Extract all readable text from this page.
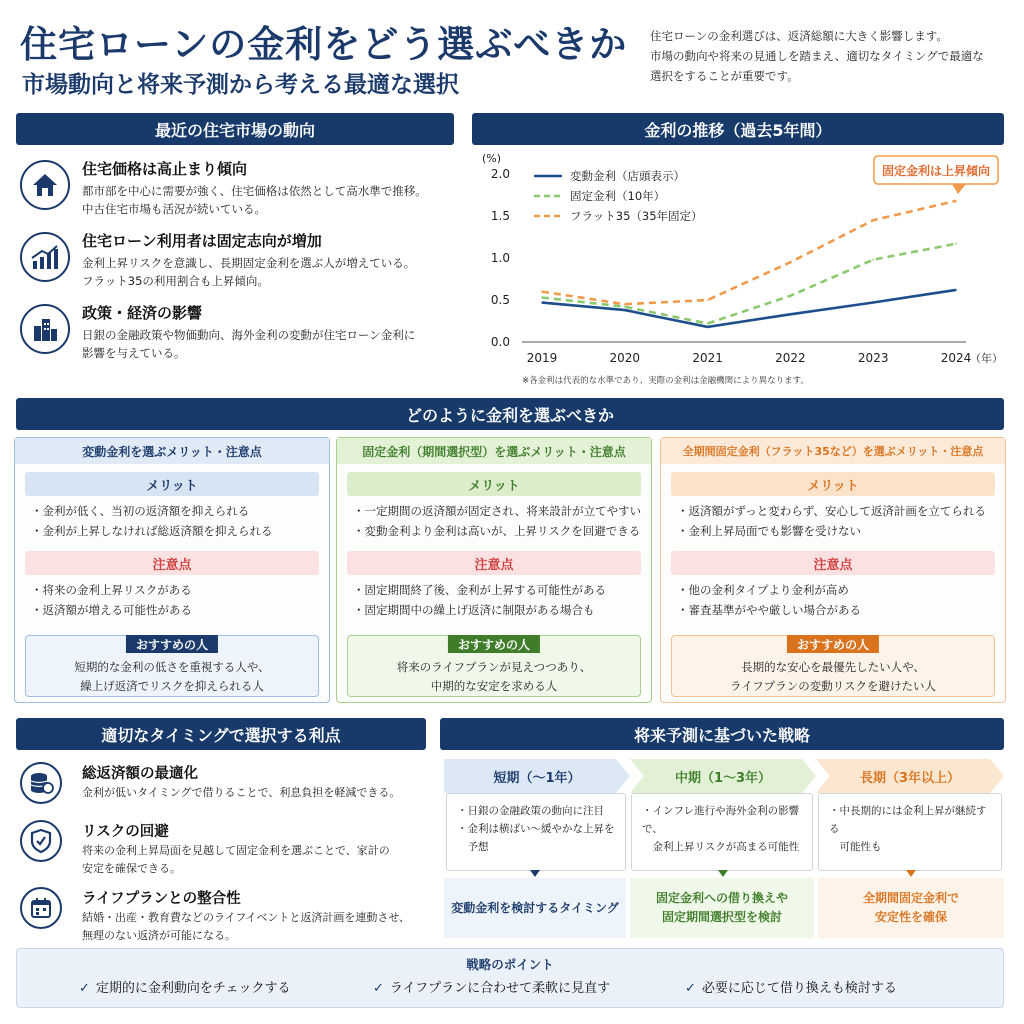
住宅ローンの金利をどう選ぶべきか
市場動向と将来予測から考える最適な選択
住宅ローンの金利選びは、返済総額に大きく影響します。
市場の動向や将来の見通しを踏まえ、適切なタイミングで最適な
選択をすることが重要です。
最近の住宅市場の動向
住宅価格は高止まり傾向
都市部を中心に需要が強く、住宅価格は依然として高水準で推移。
中古住宅市場も活況が続いている。
住宅ローン利用者は固定志向が増加
金利上昇リスクを意識し、長期固定金利を選ぶ人が増えている。
フラット35の利用割合も上昇傾向。
政策・経済の影響
日銀の金融政策や物価動向、海外金利の変動が住宅ローン金利に
影響を与えている。
金利の推移（過去5年間）
(%)
0.0
0.5
1.0
1.5
2.0
2019	2020	2021	2022	2023	2024
（年）
変動金利（店頭表示）
固定金利（10年）
フラット35（35年固定）
固定金利は上昇傾向
※各金利は代表的な水準であり、実際の金利は金融機関により異なります。
どのように金利を選ぶべきか
変動金利を選ぶメリット・注意点
メリット
・金利が低く、当初の返済額を抑えられる
・金利が上昇しなければ総返済額を抑えられる
注意点
・将来の金利上昇リスクがある
・返済額が増える可能性がある
おすすめの人
短期的な金利の低さを重視する人や、
繰上げ返済でリスクを抑えられる人
固定金利（期間選択型）を選ぶメリット・注意点
メリット
・一定期間の返済額が固定され、将来設計が立てやすい
・変動金利より金利は高いが、上昇リスクを回避できる
注意点
・固定期間終了後、金利が上昇する可能性がある
・固定期間中の繰上げ返済に制限がある場合も
おすすめの人
将来のライフプランが見えつつあり、
中期的な安定を求める人
全期間固定金利（フラット35など）を選ぶメリット・注意点
メリット
・返済額がずっと変わらず、安心して返済計画を立てられる
・金利上昇局面でも影響を受けない
注意点
・他の金利タイプより金利が高め
・審査基準がやや厳しい場合がある
おすすめの人
長期的な安心を最優先したい人や、
ライフプランの変動リスクを避けたい人
適切なタイミングで選択する利点
総返済額の最適化
金利が低いタイミングで借りることで、利息負担を軽減できる。
リスクの回避
将来の金利上昇局面を見越して固定金利を選ぶことで、家計の
安定を確保できる。
ライフプランとの整合性
結婚・出産・教育費などのライフイベントと返済計画を連動させ、
無理のない返済が可能になる。
将来予測に基づいた戦略
短期（～1年）	中期（1～3年）	長期（3年以上）
・日銀の金融政策の動向に注目
・金利は横ばい～緩やかな上昇を
　予想
・インフレ進行や海外金利の影響で、
　金利上昇リスクが高まる可能性
・中長期的には金利上昇が継続する
　可能性も
変動金利を検討するタイミング
固定金利への借り換えや
固定期間選択型を検討
全期間固定金利で
安定性を確保
戦略のポイント
✓ 定期的に金利動向をチェックする	✓ ライフプランに合わせて柔軟に見直す	✓ 必要に応じて借り換えも検討する
